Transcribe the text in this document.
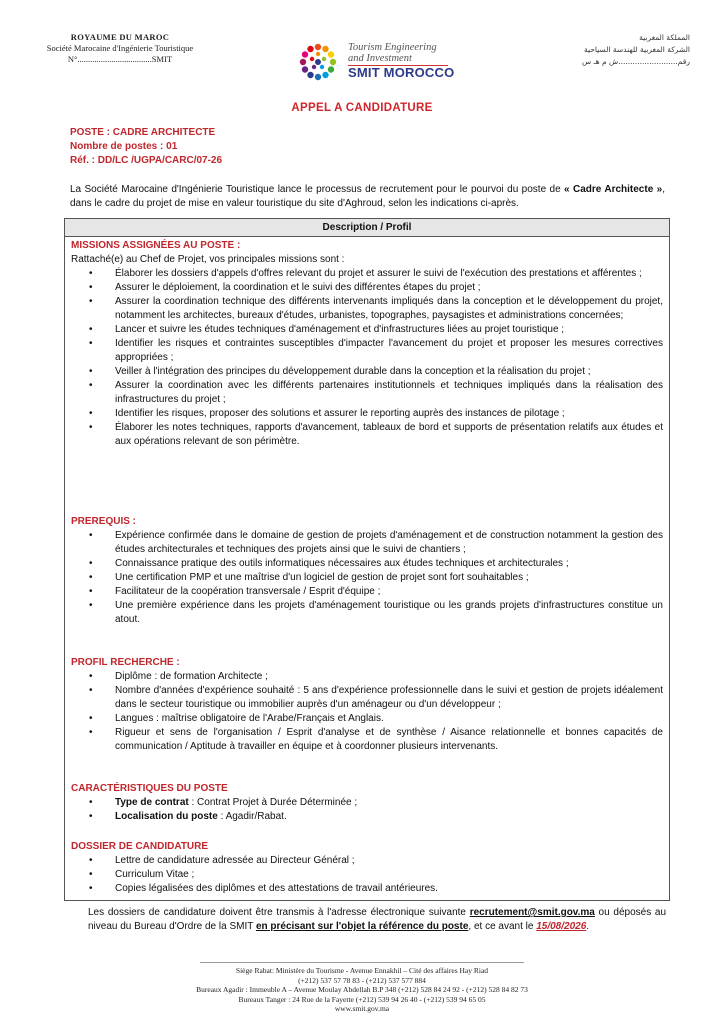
ROYAUME DU MAROC
Société Marocaine d'Ingénierie Touristique
N°...................................SMIT
Tourism Engineering
and Investment
SMIT MOROCCO
المملكة المغربية
الشركة المغربية للهندسة السياحية
رقم.........................ش م هـ س
APPEL A CANDIDATURE
POSTE : CADRE ARCHITECTE
Nombre de postes : 01
Réf. : DD/LC /UGPA/CARC/07-26
La Société Marocaine d'Ingénierie Touristique lance le processus de recrutement pour le pourvoi du poste de « Cadre Architecte », dans le cadre du projet de mise en valeur touristique du site d'Aghroud, selon les indications ci-après.
Description / Profil
MISSIONS ASSIGNÉES AU POSTE :
Rattaché(e) au Chef de Projet, vos principales missions sont :
• Élaborer les dossiers d'appels d'offres relevant du projet et assurer le suivi de l'exécution des prestations et afférentes ;
• Assurer le déploiement, la coordination et le suivi des différentes étapes du projet ;
• Assurer la coordination technique des différents intervenants impliqués dans la conception et le développement du projet, notamment les architectes, bureaux d'études, urbanistes, topographes, paysagistes et administrations concernées;
• Lancer et suivre les études techniques d'aménagement et d'infrastructures liées au projet touristique ;
• Identifier les risques et contraintes susceptibles d'impacter l'avancement du projet et proposer les mesures correctives appropriées ;
• Veiller à l'intégration des principes du développement durable dans la conception et la réalisation du projet ;
• Assurer la coordination avec les différents partenaires institutionnels et techniques impliqués dans la réalisation des infrastructures du projet ;
• Identifier les risques, proposer des solutions et assurer le reporting auprès des instances de pilotage ;
• Élaborer les notes techniques, rapports d'avancement, tableaux de bord et supports de présentation relatifs aux études et aux opérations relevant de son périmètre.
PREREQUIS :
• Expérience confirmée dans le domaine de gestion de projets d'aménagement et de construction notamment la gestion des études architecturales et techniques des projets ainsi que le suivi de chantiers ;
• Connaissance pratique des outils informatiques nécessaires aux études techniques et architecturales ;
• Une certification PMP et une maîtrise d'un logiciel de gestion de projet sont fort souhaitables ;
• Facilitateur de la coopération transversale / Esprit d'équipe ;
• Une première expérience dans les projets d'aménagement touristique ou les grands projets d'infrastructures constitue un atout.
PROFIL RECHERCHE :
• Diplôme : de formation Architecte ;
• Nombre d'années d'expérience souhaité : 5 ans d'expérience professionnelle dans le suivi et gestion de projets idéalement dans le secteur touristique ou immobilier auprès d'un aménageur ou d'un développeur ;
• Langues : maîtrise obligatoire de l'Arabe/Français et Anglais.
• Rigueur et sens de l'organisation / Esprit d'analyse et de synthèse / Aisance relationnelle et bonnes capacités de communication / Aptitude à travailler en équipe et à coordonner plusieurs intervenants.
CARACTÉRISTIQUES DU POSTE
• Type de contrat : Contrat Projet à Durée Déterminée ;
• Localisation du poste : Agadir/Rabat.
DOSSIER DE CANDIDATURE
• Lettre de candidature adressée au Directeur Général ;
• Curriculum Vitae ;
• Copies légalisées des diplômes et des attestations de travail antérieures.
Les dossiers de candidature doivent être transmis à l'adresse électronique suivante recrutement@smit.gov.ma ou déposés au niveau du Bureau d'Ordre de la SMIT en précisant sur l'objet la référence du poste, et ce avant le 15/08/2026.
Siège Rabat: Ministère du Tourisme - Avenue Ennakhil – Cité des affaires Hay Riad
(+212) 537 57 78 83 - (+212) 537 577 884
Bureaux Agadir : Immeuble A – Avenue Moulay Abdellah B.P 348 (+212) 528 84 24 92 - (+212) 528 84 82 73
Bureaux Tanger : 24 Rue de la Fayette (+212) 539 94 26 40 - (+212) 539 94 65 05
www.smit.gov.ma
